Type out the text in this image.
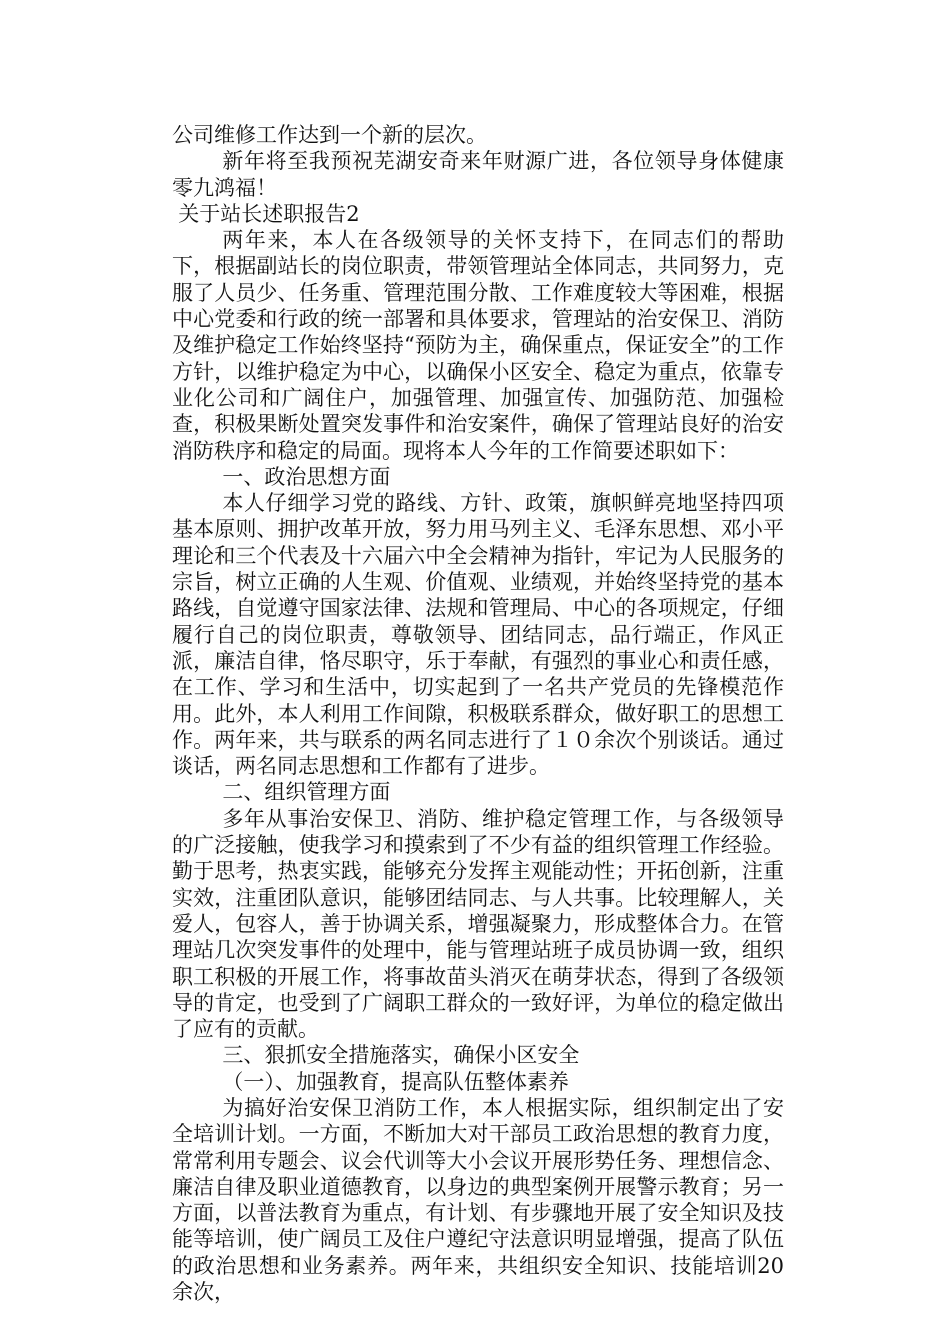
公司维修工作达到一个新的层次。

新年将至我预祝芜湖安奇来年财源广进，各位领导身体健康零九鸿福！

关于站长述职报告2

两年来，本人在各级领导的关怀支持下，在同志们的帮助下，根据副站长的岗位职责，带领管理站全体同志，共同努力，克服了人员少、任务重、管理范围分散、工作难度较大等困难，根据中心党委和行政的统一部署和具体要求，管理站的治安保卫、消防及维护稳定工作始终坚持“预防为主，确保重点，保证安全”的工作方针，以维护稳定为中心，以确保小区安全、稳定为重点，依靠专业化公司和广阔住户，加强管理、加强宣传、加强防范、加强检查，积极果断处置突发事件和治安案件，确保了管理站良好的治安消防秩序和稳定的局面。现将本人今年的工作简要述职如下：

一、政治思想方面

本人仔细学习党的路线、方针、政策，旗帜鲜亮地坚持四项基本原则、拥护改革开放，努力用马列主义、毛泽东思想、邓小平理论和三个代表及十六届六中全会精神为指针，牢记为人民服务的宗旨，树立正确的人生观、价值观、业绩观，并始终坚持党的基本路线，自觉遵守国家法律、法规和管理局、中心的各项规定，仔细履行自己的岗位职责，尊敬领导、团结同志，品行端正，作风正派，廉洁自律，恪尽职守，乐于奉献，有强烈的事业心和责任感，在工作、学习和生活中，切实起到了一名共产党员的先锋模范作用。此外，本人利用工作间隙，积极联系群众，做好职工的思想工作。两年来，共与联系的两名同志进行了１０余次个别谈话。通过谈话，两名同志思想和工作都有了进步。

二、组织管理方面

多年从事治安保卫、消防、维护稳定管理工作，与各级领导的广泛接触，使我学习和摸索到了不少有益的组织管理工作经验。勤于思考，热衷实践，能够充分发挥主观能动性；开拓创新，注重实效，注重团队意识，能够团结同志、与人共事。比较理解人，关爱人，包容人，善于协调关系，增强凝聚力，形成整体合力。在管理站几次突发事件的处理中，能与管理站班子成员协调一致，组织职工积极的开展工作，将事故苗头消灭在萌芽状态，得到了各级领导的肯定，也受到了广阔职工群众的一致好评，为单位的稳定做出了应有的贡献。

三、狠抓安全措施落实，确保小区安全

（一）、加强教育，提高队伍整体素养

为搞好治安保卫消防工作，本人根据实际，组织制定出了安全培训计划。一方面，不断加大对干部员工政治思想的教育力度，常常利用专题会、议会代训等大小会议开展形势任务、理想信念、廉洁自律及职业道德教育，以身边的典型案例开展警示教育；另一方面，以普法教育为重点，有计划、有步骤地开展了安全知识及技能等培训，使广阔员工及住户遵纪守法意识明显增强，提高了队伍的政治思想和业务素养。两年来，共组织安全知识、技能培训20余次，
